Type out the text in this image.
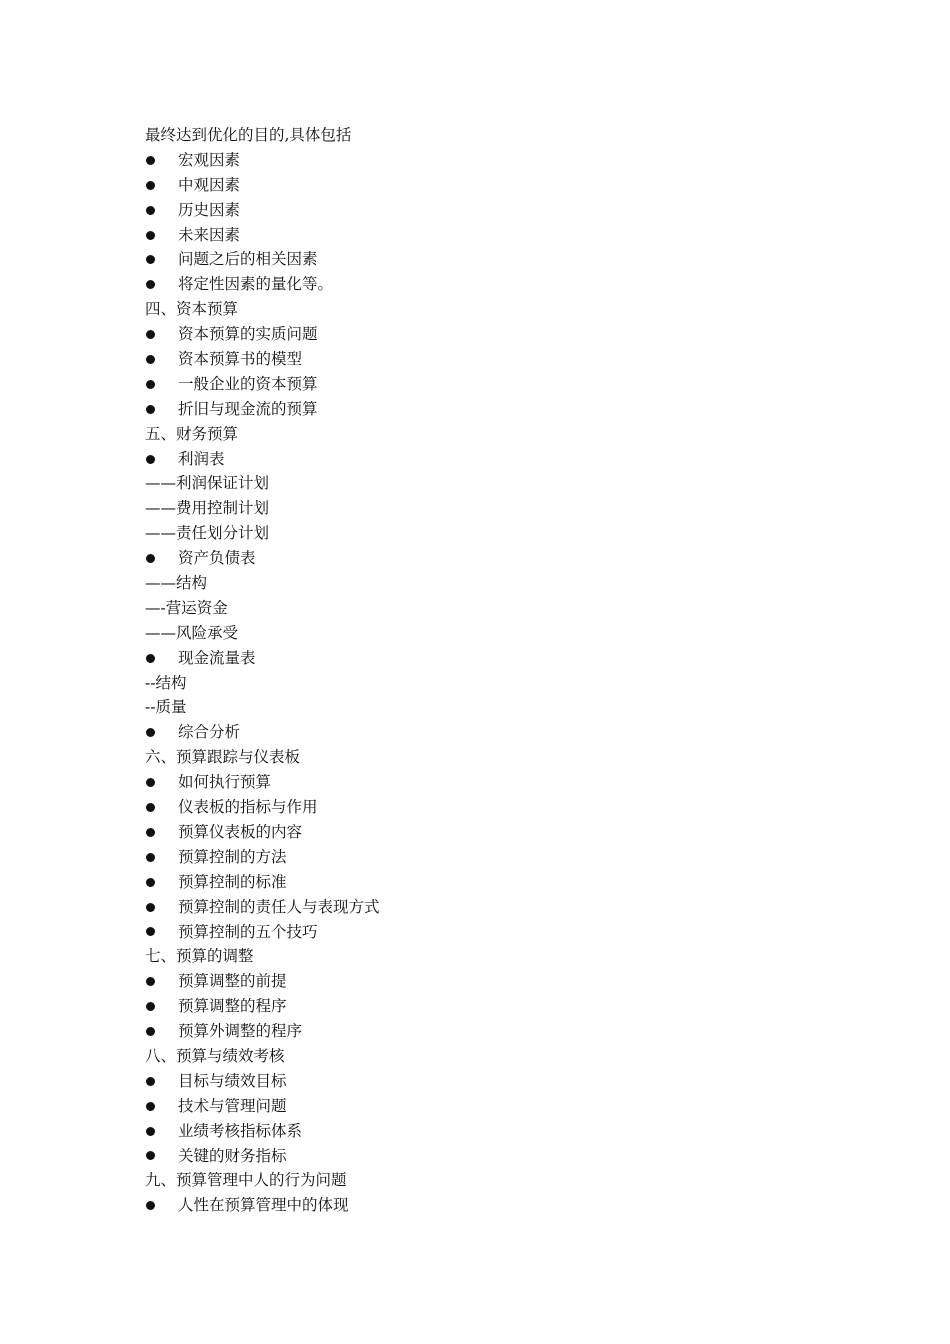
最终达到优化的目的,具体包括
宏观因素
中观因素
历史因素
未来因素
问题之后的相关因素
将定性因素的量化等。
四、资本预算
资本预算的实质问题
资本预算书的模型
一般企业的资本预算
折旧与现金流的预算
五、财务预算
利润表
——利润保证计划
——费用控制计划
——责任划分计划
资产负债表
——结构
—-营运资金
——风险承受
现金流量表
--结构
--质量
综合分析
六、预算跟踪与仪表板
如何执行预算
仪表板的指标与作用
预算仪表板的内容
预算控制的方法
预算控制的标准
预算控制的责任人与表现方式
预算控制的五个技巧
七、预算的调整
预算调整的前提
预算调整的程序
预算外调整的程序
八、预算与绩效考核
目标与绩效目标
技术与管理问题
业绩考核指标体系
关键的财务指标
九、预算管理中人的行为问题
人性在预算管理中的体现
